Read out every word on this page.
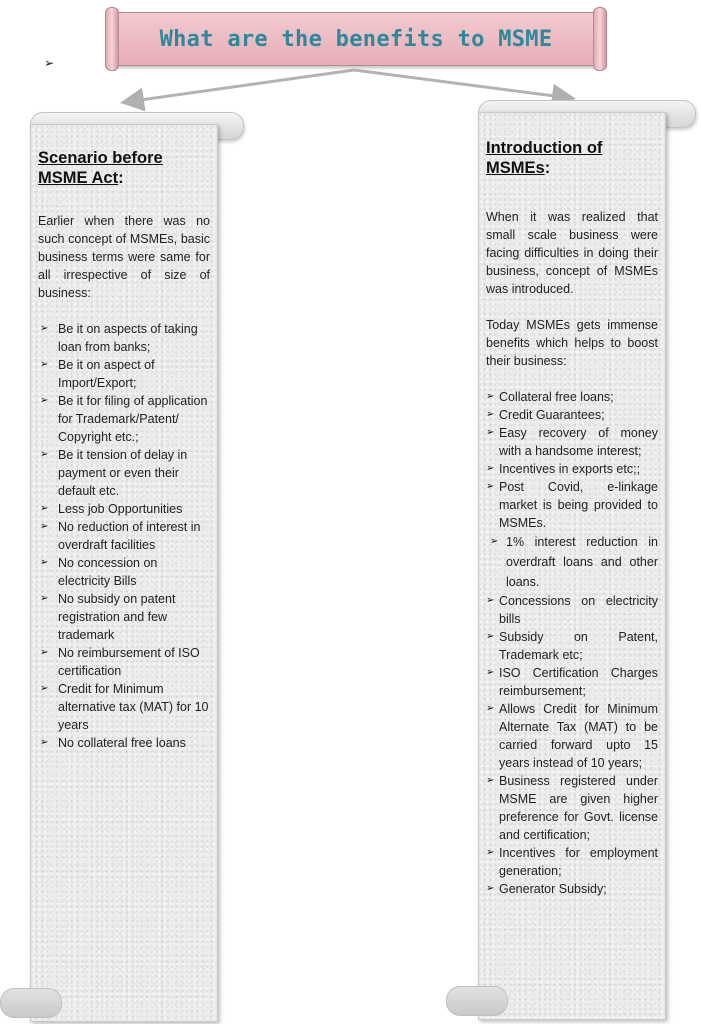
What are the benefits to MSME
➢
Scenario before MSME Act:
Earlier when there was no such concept of MSMEs, basic business terms were same for all irrespective of size of business:
➢ Be it on aspects of taking loan from banks;
➢ Be it on aspect of Import/Export;
➢ Be it for filing of application for Trademark/Patent/ Copyright etc.;
➢ Be it tension of delay in payment or even their default etc.
➢ Less job Opportunities
➢ No reduction of interest in overdraft facilities
➢ No concession on electricity Bills
➢ No subsidy on patent registration and few trademark
➢ No reimbursement of ISO certification
➢ Credit for Minimum alternative tax (MAT) for 10 years
➢ No collateral free loans
Introduction of MSMEs:
When it was realized that small scale business were facing difficulties in doing their business, concept of MSMEs was introduced.
Today MSMEs gets immense benefits which helps to boost their business:
➢ Collateral free loans;
➢ Credit Guarantees;
➢ Easy recovery of money with a handsome interest;
➢ Incentives in exports etc;;
➢ Post Covid, e-linkage market is being provided to MSMEs.
➢ 1% interest reduction in overdraft loans and other loans.
➢ Concessions on electricity bills
➢ Subsidy on Patent, Trademark etc;
➢ ISO Certification Charges reimbursement;
➢ Allows Credit for Minimum Alternate Tax (MAT) to be carried forward upto 15 years instead of 10 years;
➢ Business registered under MSME are given higher preference for Govt. license and certification;
➢ Incentives for employment generation;
➢ Generator Subsidy;
